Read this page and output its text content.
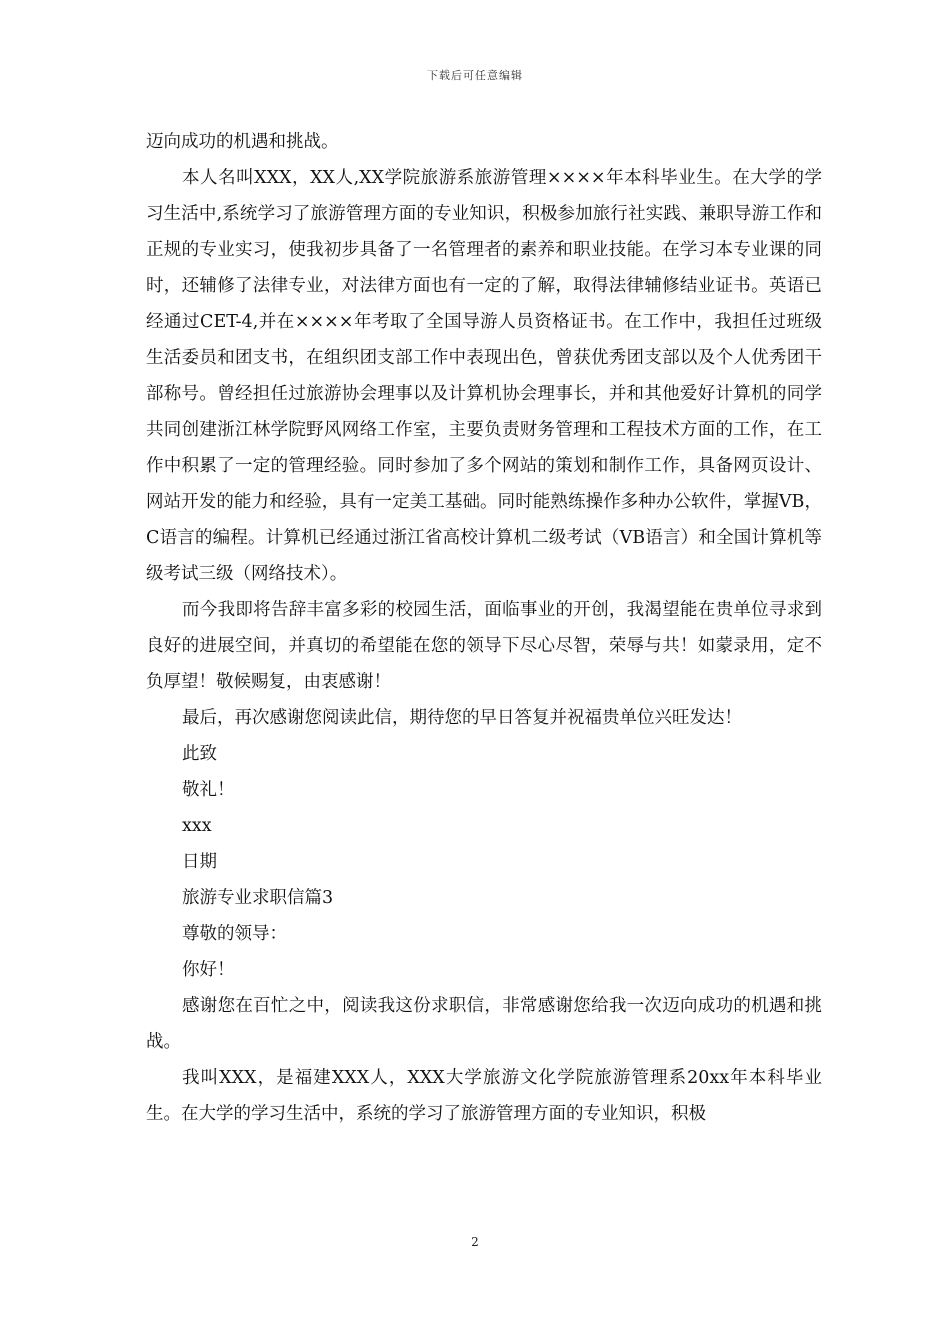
下载后可任意编辑

迈向成功的机遇和挑战。

本人名叫XXX，XX人,XX学院旅游系旅游管理××××年本科毕业生。在大学的学习生活中,系统学习了旅游管理方面的专业知识，积极参加旅行社实践、兼职导游工作和正规的专业实习，使我初步具备了一名管理者的素养和职业技能。在学习本专业课的同时，还辅修了法律专业，对法律方面也有一定的了解，取得法律辅修结业证书。英语已经通过CET-4,并在××××年考取了全国导游人员资格证书。在工作中，我担任过班级生活委员和团支书，在组织团支部工作中表现出色，曾获优秀团支部以及个人优秀团干部称号。曾经担任过旅游协会理事以及计算机协会理事长，并和其他爱好计算机的同学共同创建浙江林学院野风网络工作室，主要负责财务管理和工程技术方面的工作，在工作中积累了一定的管理经验。同时参加了多个网站的策划和制作工作，具备网页设计、网站开发的能力和经验，具有一定美工基础。同时能熟练操作多种办公软件，掌握VB，C语言的编程。计算机已经通过浙江省高校计算机二级考试（VB语言）和全国计算机等级考试三级（网络技术）。

而今我即将告辞丰富多彩的校园生活，面临事业的开创，我渴望能在贵单位寻求到良好的进展空间，并真切的希望能在您的领导下尽心尽智，荣辱与共！如蒙录用，定不负厚望！敬候赐复，由衷感谢！

最后，再次感谢您阅读此信，期待您的早日答复并祝福贵单位兴旺发达！

此致

敬礼！

xxx

日期

旅游专业求职信篇3

尊敬的领导：

你好！

感谢您在百忙之中，阅读我这份求职信，非常感谢您给我一次迈向成功的机遇和挑战。

我叫XXX，是福建XXX人，XXX大学旅游文化学院旅游管理系20xx年本科毕业生。在大学的学习生活中，系统的学习了旅游管理方面的专业知识，积极

2
